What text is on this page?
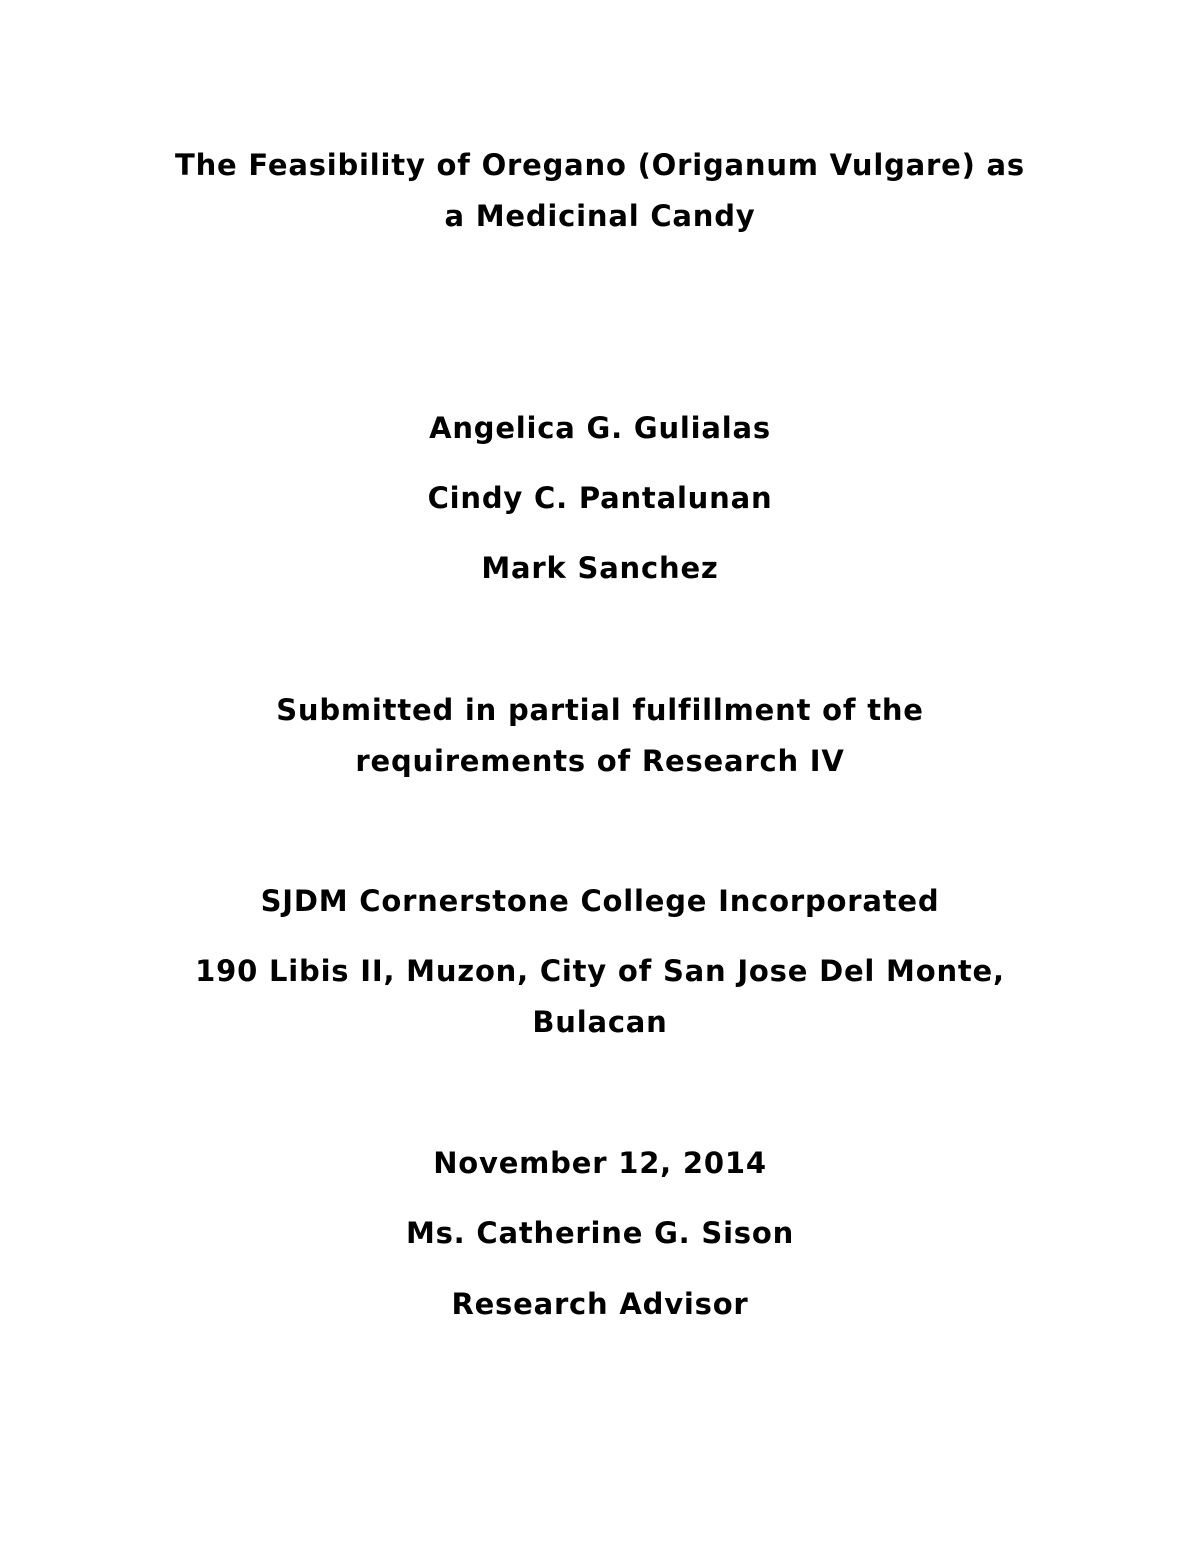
The Feasibility of Oregano (Origanum Vulgare) as
a Medicinal Candy
Angelica G. Gulialas
Cindy C. Pantalunan
Mark Sanchez
Submitted in partial fulfillment of the
requirements of Research IV
SJDM Cornerstone College Incorporated
190 Libis II, Muzon, City of San Jose Del Monte,
Bulacan
November 12, 2014
Ms. Catherine G. Sison
Research Advisor
